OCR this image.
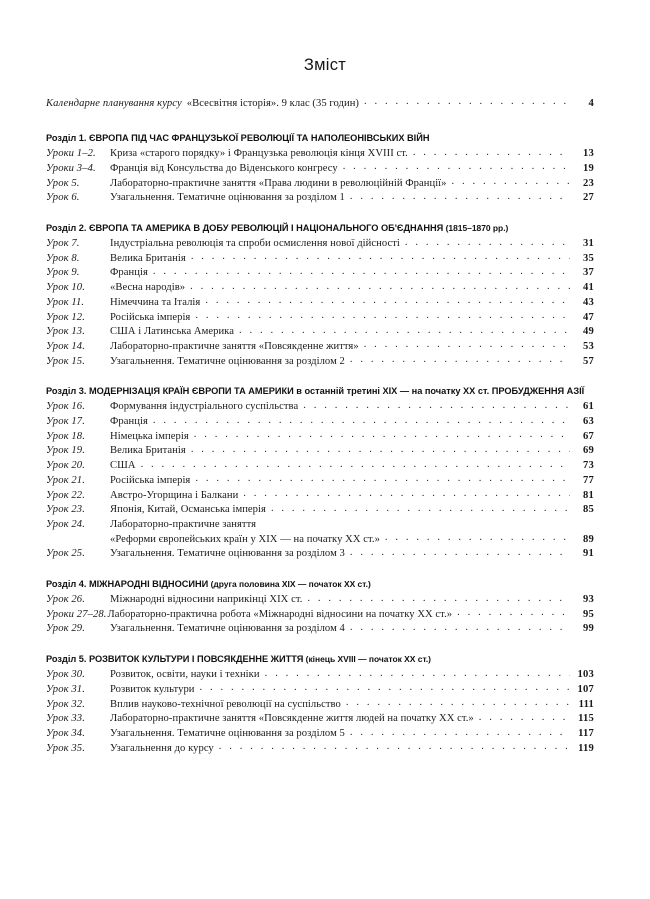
Зміст
Календарне планування курсу «Всесвітня історія». 9 клас (35 годин) . . .	4
Розділ 1. ЄВРОПА ПІД ЧАС ФРАНЦУЗЬКОЇ РЕВОЛЮЦІЇ ТА НАПОЛЕОНІВСЬКИХ ВІЙН
Уроки 1–2.	Криза «старого порядку» і Французька революція кінця XVIII ст. . . .	13
Уроки 3–4.	Франція від Консульства до Віденського конгресу . . .	19
Урок 5.	Лабораторно-практичне заняття «Права людини в революційній Франції» . . .	23
Урок 6.	Узагальнення. Тематичне оцінювання за розділом 1 . . .	27
Розділ 2. ЄВРОПА ТА АМЕРИКА В ДОБУ РЕВОЛЮЦІЙ І НАЦІОНАЛЬНОГО ОБ'ЄДНАННЯ (1815–1870 рр.)
Урок 7.	Індустріальна революція та спроби осмислення нової дійсності . . .	31
Урок 8.	Велика Британія . . .	35
Урок 9.	Франція . . .	37
Урок 10.	«Весна народів» . . .	41
Урок 11.	Німеччина та Італія . . .	43
Урок 12.	Російська імперія . . .	47
Урок 13.	США і Латинська Америка . . .	49
Урок 14.	Лабораторно-практичне заняття «Повсякденне життя» . . .	53
Урок 15.	Узагальнення. Тематичне оцінювання за розділом 2 . . .	57
Розділ 3. МОДЕРНІЗАЦІЯ КРАЇН ЄВРОПИ ТА АМЕРИКИ в останній третині XIX — на початку XX ст. ПРОБУДЖЕННЯ АЗІЇ
Урок 16.	Формування індустріального суспільства . . .	61
Урок 17.	Франція . . .	63
Урок 18.	Німецька імперія . . .	67
Урок 19.	Велика Британія . . .	69
Урок 20.	США . . .	73
Урок 21.	Російська імперія . . .	77
Урок 22.	Австро-Угорщина і Балкани . . .	81
Урок 23.	Японія, Китай, Османська імперія . . .	85
Урок 24.	Лабораторно-практичне заняття

«Реформи європейських країн у XIX — на початку XX ст.» . . .	89
Урок 25.	Узагальнення. Тематичне оцінювання за розділом 3 . . .	91
Розділ 4. МІЖНАРОДНІ ВІДНОСИНИ (друга половина XIX — початок XX ст.)
Урок 26.	Міжнародні відносини наприкінці XIX ст. . . .	93
Уроки 27–28. Лабораторно-практична робота «Міжнародні відносини на початку XX ст.» . . .	95
Урок 29.	Узагальнення. Тематичне оцінювання за розділом 4 . . .	99
Розділ 5. РОЗВИТОК КУЛЬТУРИ І ПОВСЯКДЕННЕ ЖИТТЯ (кінець XVIII — початок XX ст.)
Урок 30.	Розвиток, освіти, науки і техніки . . .	103
Урок 31.	Розвиток культури . . .	107
Урок 32.	Вплив науково-технічної революції на суспільство . . .	111
Урок 33.	Лабораторно-практичне заняття «Повсякденне життя людей на початку XX ст.» . . .	115
Урок 34.	Узагальнення. Тематичне оцінювання за розділом 5 . . .	117
Урок 35.	Узагальнення до курсу . . .	119
